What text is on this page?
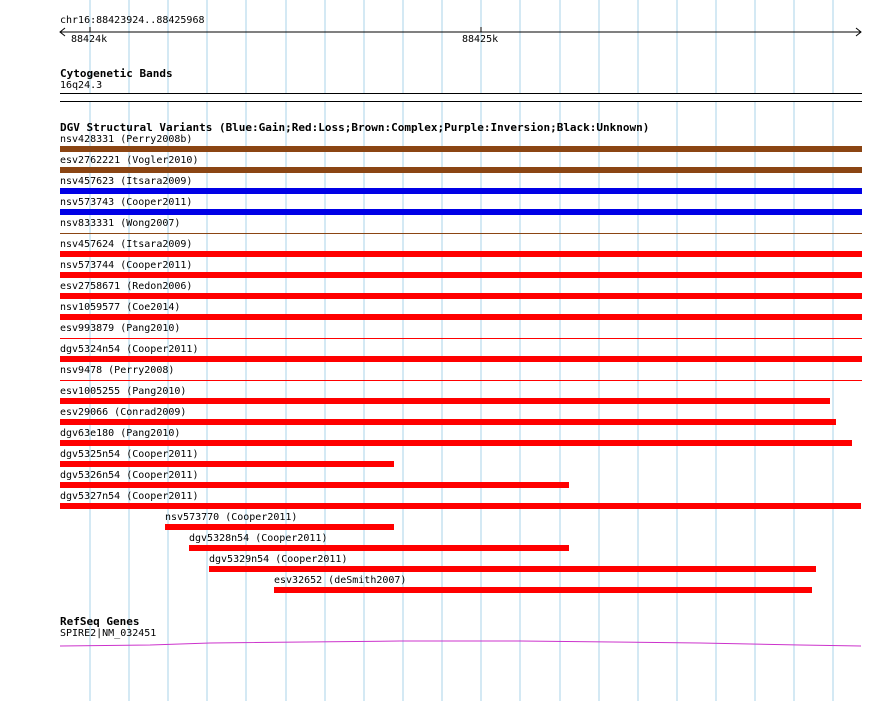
chr16:88423924..88425968
88424k	88425k
Cytogenetic Bands
16q24.3
DGV Structural Variants (Blue:Gain;Red:Loss;Brown:Complex;Purple:Inversion;Black:Unknown)
nsv428331 (Perry2008b)
esv2762221 (Vogler2010)
nsv457623 (Itsara2009)
nsv573743 (Cooper2011)
nsv833331 (Wong2007)
nsv457624 (Itsara2009)
nsv573744 (Cooper2011)
esv2758671 (Redon2006)
nsv1059577 (Coe2014)
esv993879 (Pang2010)
dgv5324n54 (Cooper2011)
nsv9478 (Perry2008)
esv1005255 (Pang2010)
esv29066 (Conrad2009)
dgv63e180 (Pang2010)
dgv5325n54 (Cooper2011)
dgv5326n54 (Cooper2011)
dgv5327n54 (Cooper2011)
nsv573770 (Cooper2011)
dgv5328n54 (Cooper2011)
dgv5329n54 (Cooper2011)
esv32652 (deSmith2007)
RefSeq Genes
SPIRE2|NM_032451
